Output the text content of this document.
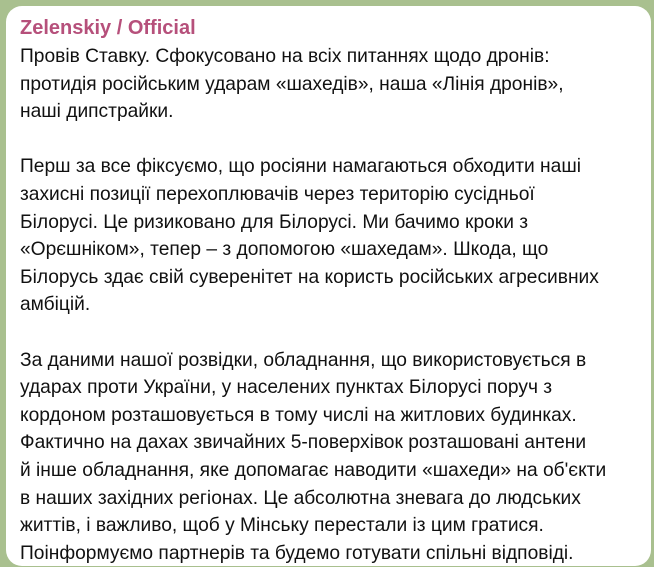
Zelenskiy / Official
Провів Ставку. Сфокусовано на всіх питаннях щодо дронів:
протидія російським ударам «шахедів», наша «Лінія дронів»,
наші дипстрайки.
Перш за все фіксуємо, що росіяни намагаються обходити наші
захисні позиції перехоплювачів через територію сусідньої
Білорусі. Це ризиковано для Білорусі. Ми бачимо кроки з
«Орєшніком», тепер – з допомогою «шахедам». Шкода, що
Білорусь здає свій суверенітет на користь російських агресивних
амбіцій.
За даними нашої розвідки, обладнання, що використовується в
ударах проти України, у населених пунктах Білорусі поруч з
кордоном розташовується в тому числі на житлових будинках.
Фактично на дахах звичайних 5-поверхівок розташовані антени
й інше обладнання, яке допомагає наводити «шахеди» на об'єкти
в наших західних регіонах. Це абсолютна зневага до людських
життів, і важливо, щоб у Мінську перестали із цим гратися.
Поінформуємо партнерів та будемо готувати спільні відповіді.
